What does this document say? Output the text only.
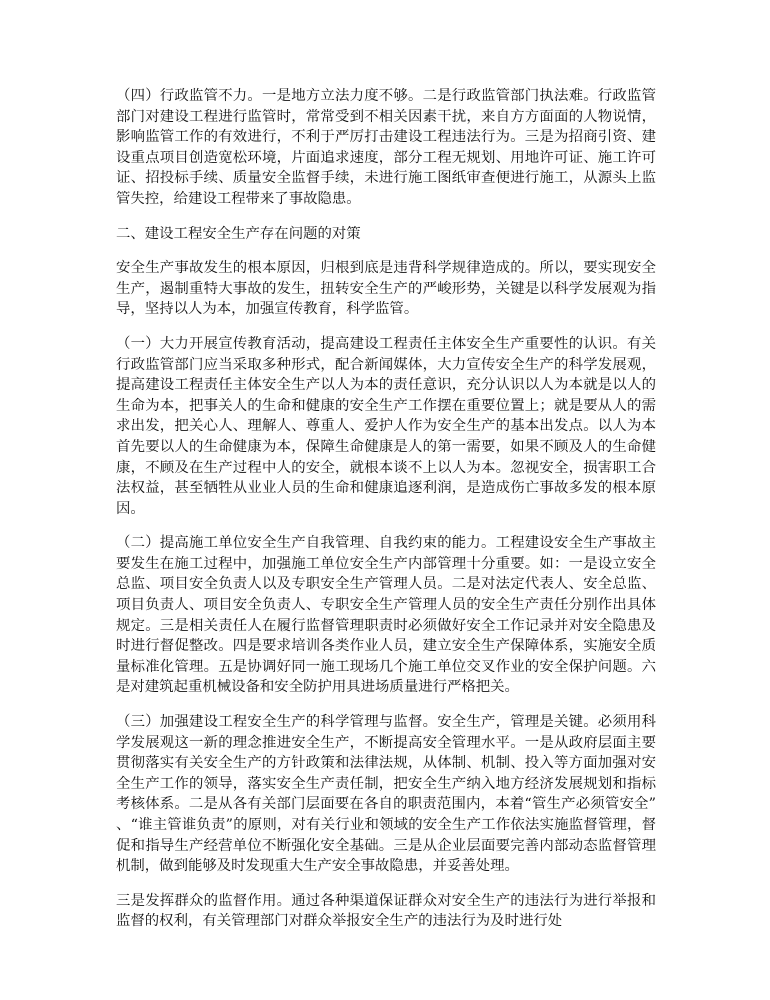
（四）行政监管不力。一是地方立法力度不够。二是行政监管部门执法难。行政监管部门对建设工程进行监管时，常常受到不相关因素干扰，来自方方面面的人物说情，影响监管工作的有效进行，不利于严厉打击建设工程违法行为。三是为招商引资、建设重点项目创造宽松环境，片面追求速度，部分工程无规划、用地许可证、施工许可证、招投标手续、质量安全监督手续，未进行施工图纸审查便进行施工，从源头上监管失控，给建设工程带来了事故隐患。

二、建设工程安全生产存在问题的对策

安全生产事故发生的根本原因，归根到底是违背科学规律造成的。所以，要实现安全生产，遏制重特大事故的发生，扭转安全生产的严峻形势，关键是以科学发展观为指导，坚持以人为本，加强宣传教育，科学监管。

（一）大力开展宣传教育活动，提高建设工程责任主体安全生产重要性的认识。有关行政监管部门应当采取多种形式，配合新闻媒体，大力宣传安全生产的科学发展观，提高建设工程责任主体安全生产以人为本的责任意识，充分认识以人为本就是以人的生命为本，把事关人的生命和健康的安全生产工作摆在重要位置上；就是要从人的需求出发，把关心人、理解人、尊重人、爱护人作为安全生产的基本出发点。以人为本首先要以人的生命健康为本，保障生命健康是人的第一需要，如果不顾及人的生命健康，不顾及在生产过程中人的安全，就根本谈不上以人为本。忽视安全，损害职工合法权益，甚至牺牲从业业人员的生命和健康追逐利润，是造成伤亡事故多发的根本原因。

（二）提高施工单位安全生产自我管理、自我约束的能力。工程建设安全生产事故主要发生在施工过程中，加强施工单位安全生产内部管理十分重要。如：一是设立安全总监、项目安全负责人以及专职安全生产管理人员。二是对法定代表人、安全总监、项目负责人、项目安全负责人、专职安全生产管理人员的安全生产责任分别作出具体规定。三是相关责任人在履行监督管理职责时必须做好安全工作记录并对安全隐患及时进行督促整改。四是要求培训各类作业人员，建立安全生产保障体系，实施安全质量标准化管理。五是协调好同一施工现场几个施工单位交叉作业的安全保护问题。六是对建筑起重机械设备和安全防护用具进场质量进行严格把关。

（三）加强建设工程安全生产的科学管理与监督。安全生产，管理是关键。必须用科学发展观这一新的理念推进安全生产，不断提高安全管理水平。一是从政府层面主要贯彻落实有关安全生产的方针政策和法律法规，从体制、机制、投入等方面加强对安全生产工作的领导，落实安全生产责任制，把安全生产纳入地方经济发展规划和指标考核体系。二是从各有关部门层面要在各自的职责范围内，本着“管生产必须管安全”、“谁主管谁负责”的原则，对有关行业和领域的安全生产工作依法实施监督管理，督促和指导生产经营单位不断强化安全基础。三是从企业层面要完善内部动态监督管理机制，做到能够及时发现重大生产安全事故隐患，并妥善处理。

三是发挥群众的监督作用。通过各种渠道保证群众对安全生产的违法行为进行举报和监督的权利，有关管理部门对群众举报安全生产的违法行为及时进行处
